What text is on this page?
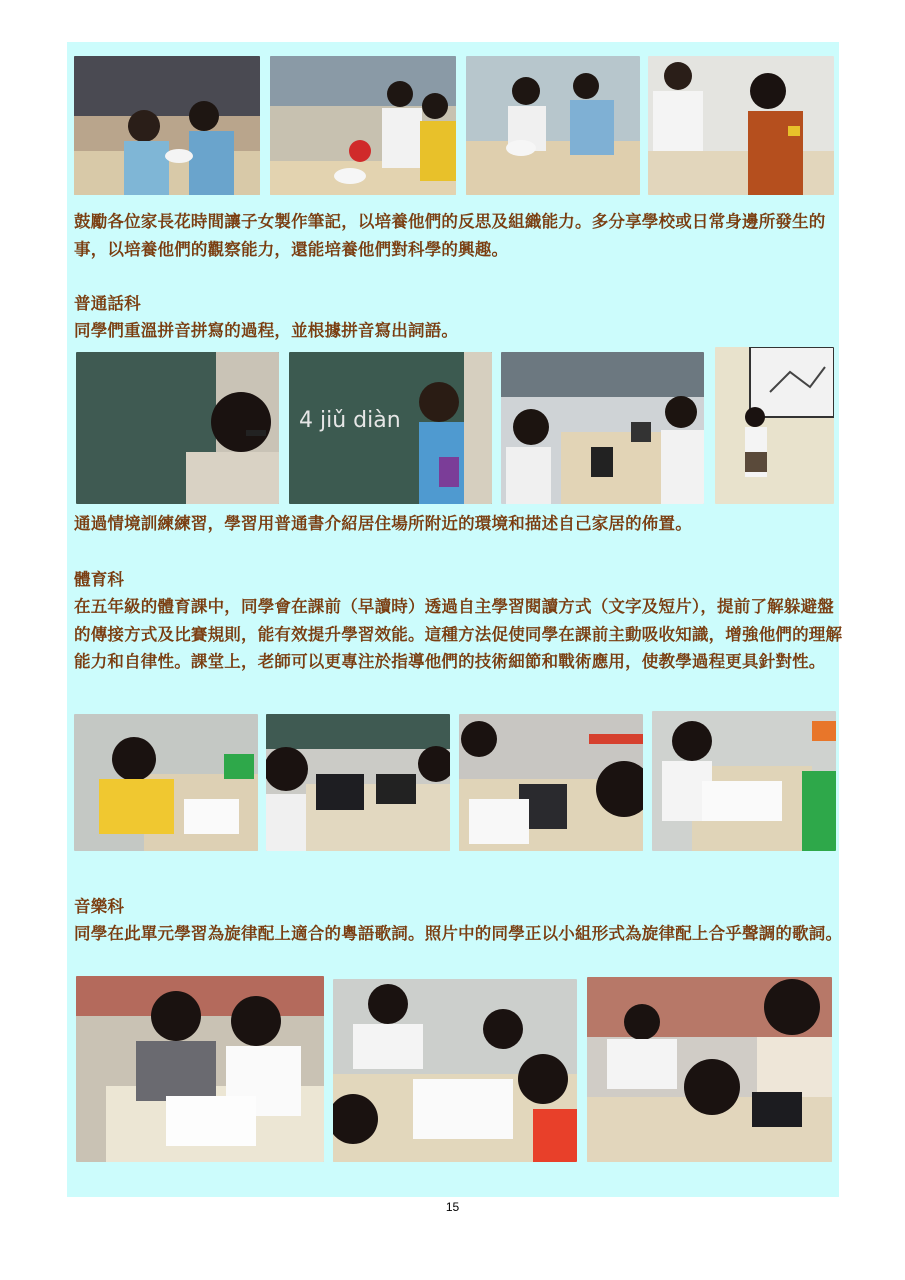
鼓勵各位家長花時間讓子女製作筆記，以培養他們的反思及組織能力。多分享學校或日常身邊所發生的事，以培養他們的觀察能力，還能培養他們對科學的興趣。
普通話科
同學們重溫拼音拼寫的過程，並根據拼音寫出詞語。
4 jiǔ diàn
通過情境訓練練習，學習用普通書介紹居住場所附近的環境和描述自己家居的佈置。
體育科
在五年級的體育課中，同學會在課前（早讀時）透過自主學習閱讀方式（文字及短片），提前了解躲避盤的傳接方式及比賽規則，能有效提升學習效能。這種方法促使同學在課前主動吸收知識，增強他們的理解能力和自律性。課堂上，老師可以更專注於指導他們的技術細節和戰術應用，使教學過程更具針對性。
音樂科
同學在此單元學習為旋律配上適合的粵語歌詞。照片中的同學正以小組形式為旋律配上合乎聲調的歌詞。
15
